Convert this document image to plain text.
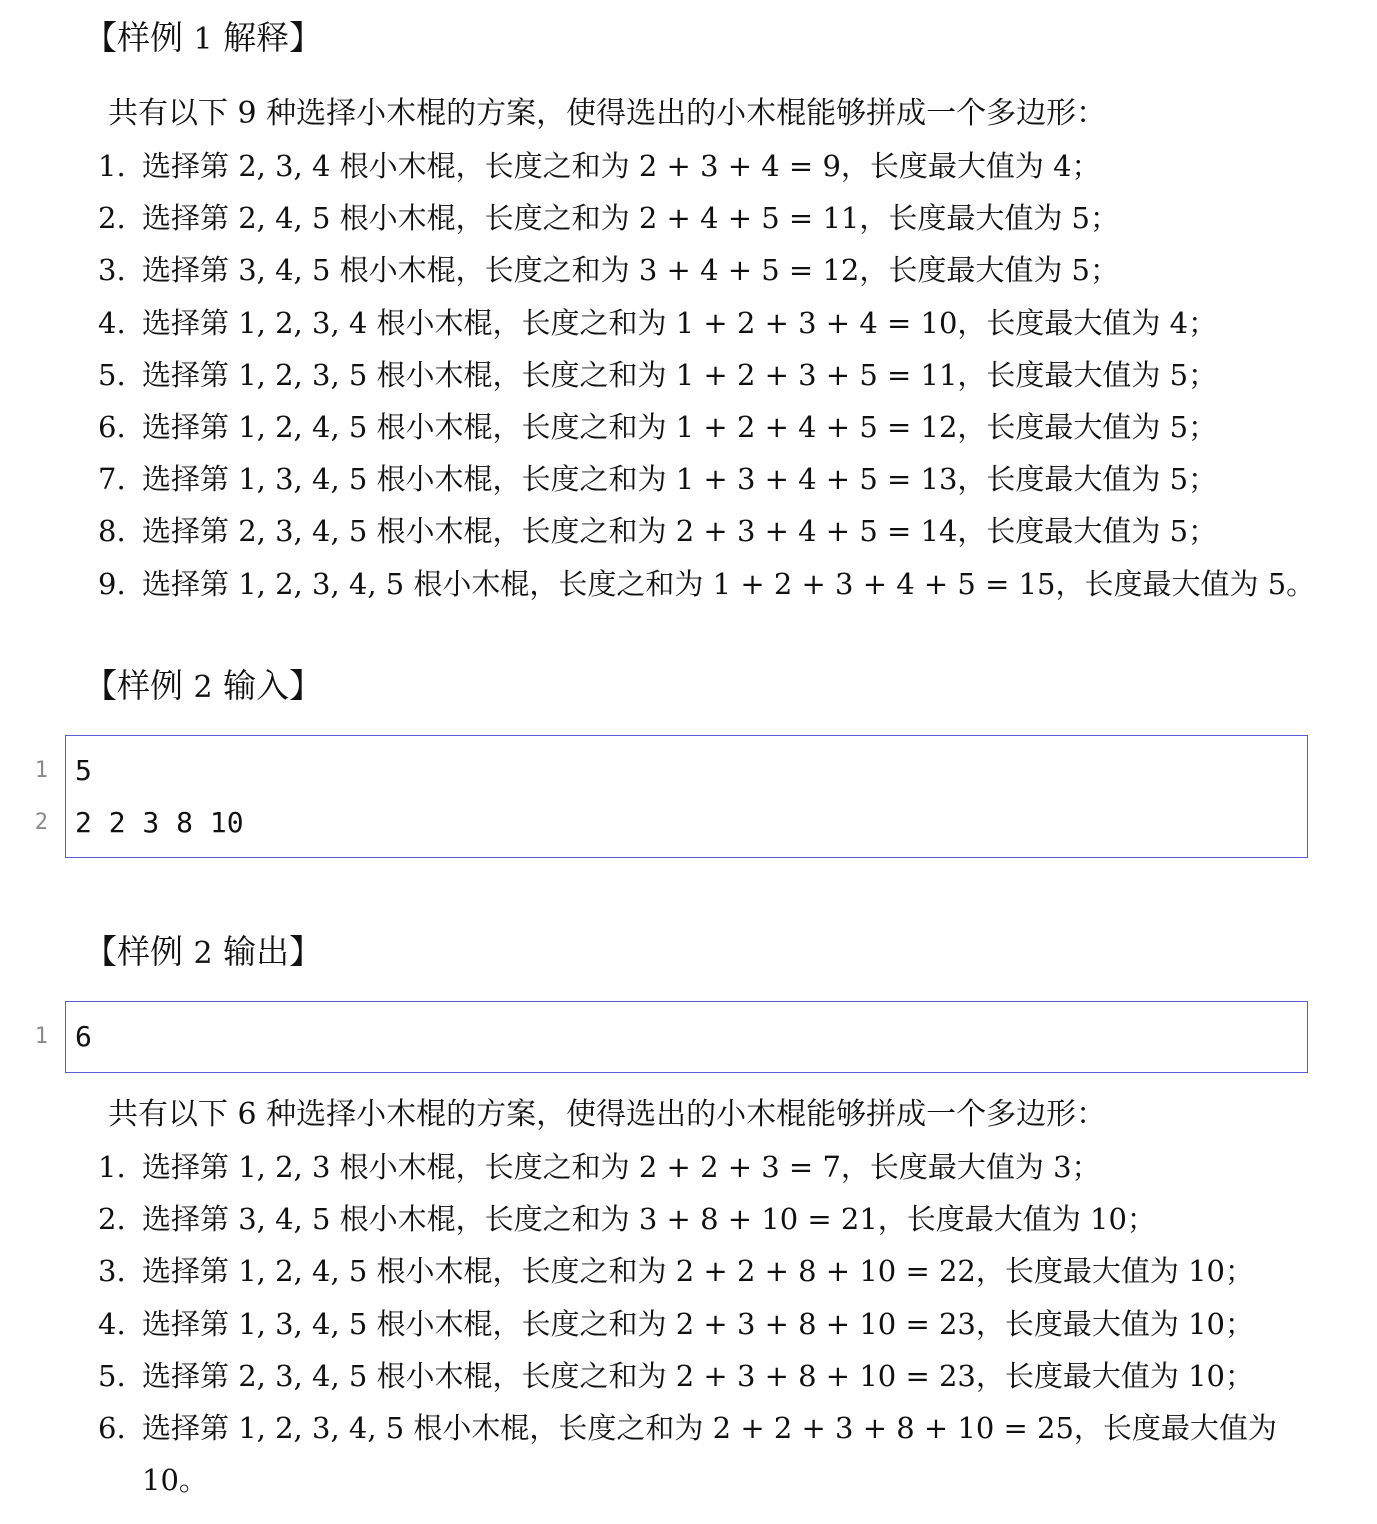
【样例 1 解释】

共有以下 9 种选择小木棍的方案，使得选出的小木棍能够拼成一个多边形：

1. 选择第 2, 3, 4 根小木棍，长度之和为 2 + 3 + 4 = 9，长度最大值为 4；
2. 选择第 2, 4, 5 根小木棍，长度之和为 2 + 4 + 5 = 11，长度最大值为 5；
3. 选择第 3, 4, 5 根小木棍，长度之和为 3 + 4 + 5 = 12，长度最大值为 5；
4. 选择第 1, 2, 3, 4 根小木棍，长度之和为 1 + 2 + 3 + 4 = 10，长度最大值为 4；
5. 选择第 1, 2, 3, 5 根小木棍，长度之和为 1 + 2 + 3 + 5 = 11，长度最大值为 5；
6. 选择第 1, 2, 4, 5 根小木棍，长度之和为 1 + 2 + 4 + 5 = 12，长度最大值为 5；
7. 选择第 1, 3, 4, 5 根小木棍，长度之和为 1 + 3 + 4 + 5 = 13，长度最大值为 5；
8. 选择第 2, 3, 4, 5 根小木棍，长度之和为 2 + 3 + 4 + 5 = 14，长度最大值为 5；
9. 选择第 1, 2, 3, 4, 5 根小木棍，长度之和为 1 + 2 + 3 + 4 + 5 = 15，长度最大值为 5。
【样例 2 输入】
1 5
2 2 2 3 8 10
【样例 2 输出】
1 6

共有以下 6 种选择小木棍的方案，使得选出的小木棍能够拼成一个多边形：

1. 选择第 1, 2, 3 根小木棍，长度之和为 2 + 2 + 3 = 7，长度最大值为 3；
2. 选择第 3, 4, 5 根小木棍，长度之和为 3 + 8 + 10 = 21，长度最大值为 10；
3. 选择第 1, 2, 4, 5 根小木棍，长度之和为 2 + 2 + 8 + 10 = 22，长度最大值为 10；
4. 选择第 1, 3, 4, 5 根小木棍，长度之和为 2 + 3 + 8 + 10 = 23，长度最大值为 10；
5. 选择第 2, 3, 4, 5 根小木棍，长度之和为 2 + 3 + 8 + 10 = 23，长度最大值为 10；
6. 选择第 1, 2, 3, 4, 5 根小木棍，长度之和为 2 + 2 + 3 + 8 + 10 = 25，长度最大值为 10。
